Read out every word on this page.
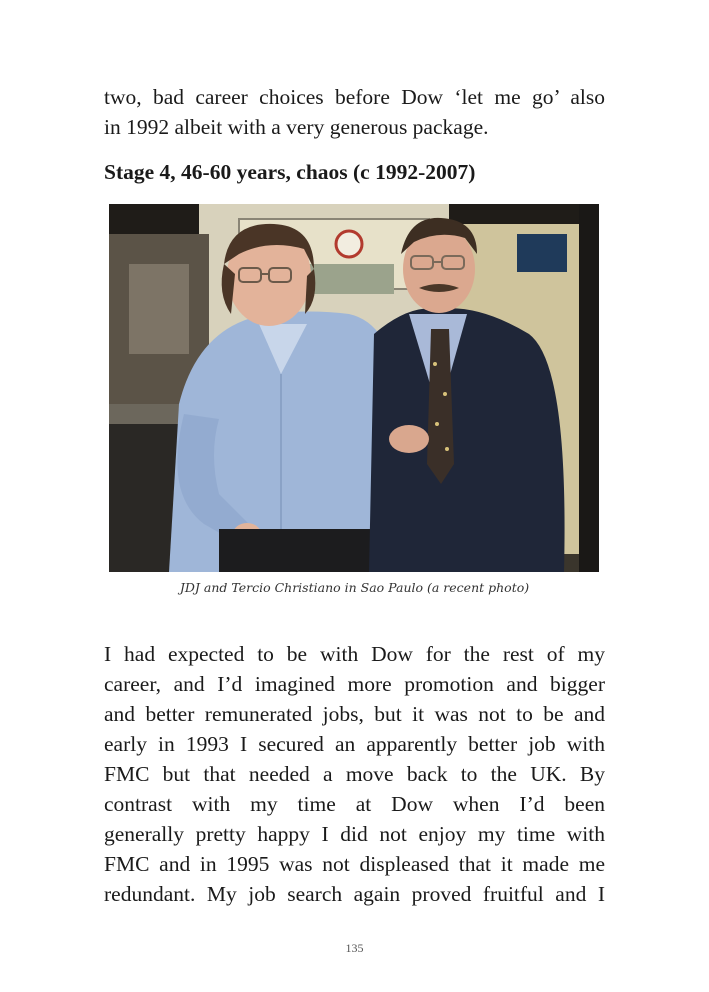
two, bad career choices before Dow ‘let me go’ also
in 1992 albeit with a very generous package.
Stage 4, 46-60 years, chaos (c 1992-2007)
JDJ and Tercio Christiano in Sao Paulo (a recent photo)
I had expected to be with Dow for the rest of my
career, and I’d imagined more promotion and bigger
and better remunerated jobs, but it was not to be and
early in 1993 I secured an apparently better job with
FMC but that needed a move back to the UK. By
contrast with my time at Dow when I’d been
generally pretty happy I did not enjoy my time with
FMC and in 1995 was not displeased that it made me
redundant. My job search again proved fruitful and I
135
